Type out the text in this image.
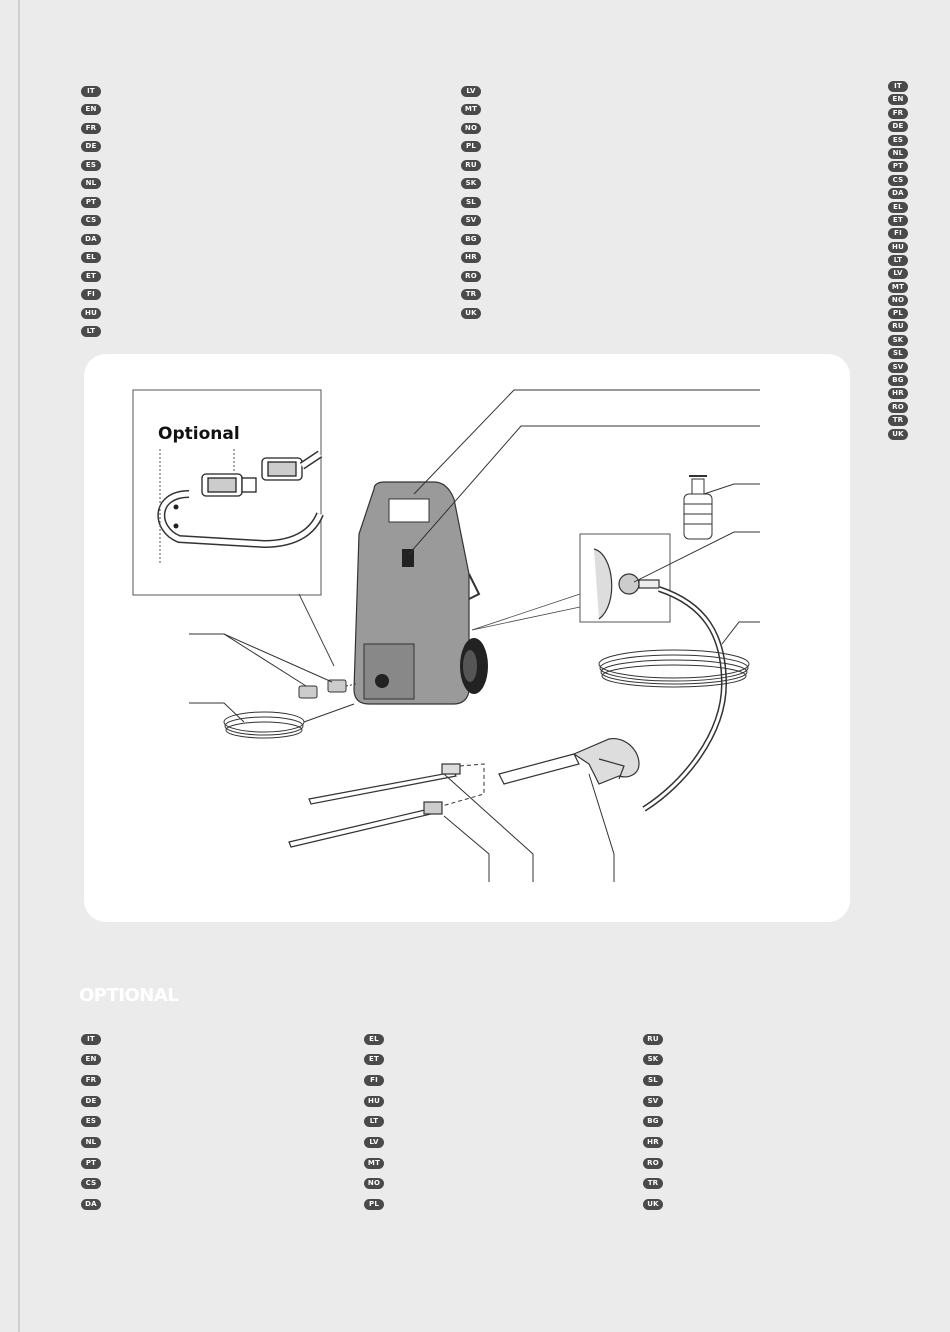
IT
EN
FR
DE
ES
NL
PT
CS
DA
EL
ET
FI
HU
LT
LV
MT
NO
PL
RU
SK
SL
SV
BG
HR
RO
TR
UK
IT
EN
FR
DE
ES
NL
PT
CS
DA
EL
ET
FI
HU
LT
LV
MT
NO
PL
RU
SK
SL
SV
BG
HR
RO
TR
UK
Optional
OPTIONAL
IT
EN
FR
DE
ES
NL
PT
CS
DA
EL
ET
FI
HU
LT
LV
MT
NO
PL
RU
SK
SL
SV
BG
HR
RO
TR
UK
